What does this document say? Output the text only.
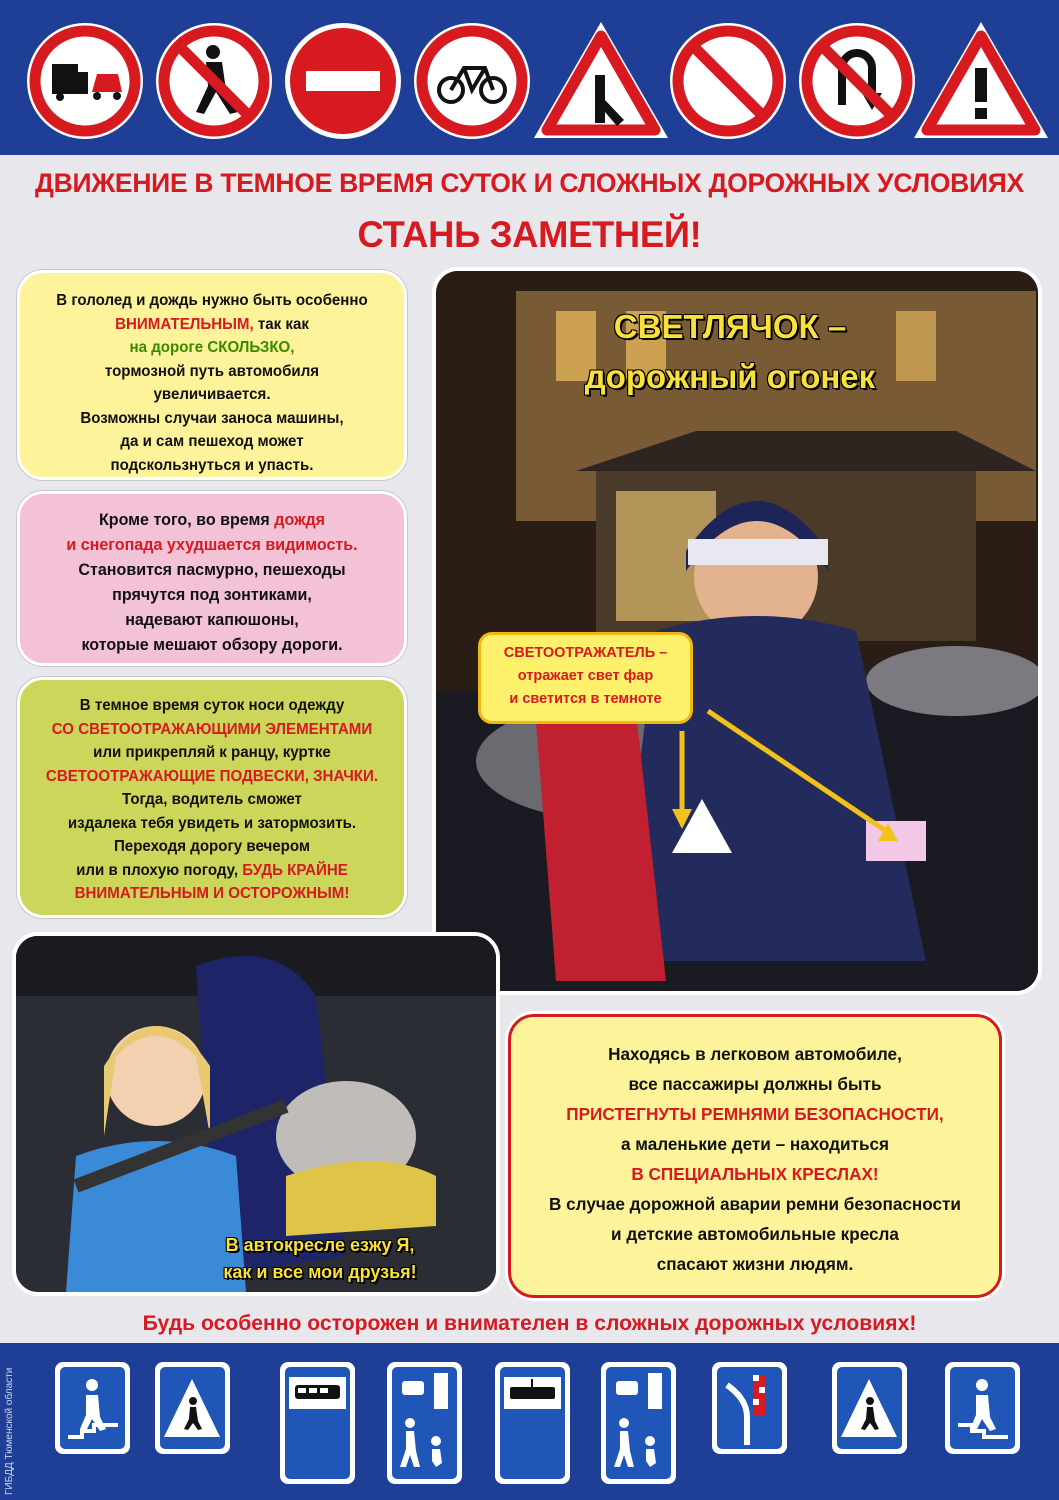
ДВИЖЕНИЕ В ТЕМНОЕ ВРЕМЯ СУТОК И СЛОЖНЫХ ДОРОЖНЫХ УСЛОВИЯХ
СТАНЬ ЗАМЕТНЕЙ!
В гололед и дождь нужно быть особенно
ВНИМАТЕЛЬНЫМ, так как
на дороге СКОЛЬЗКО,
тормозной путь автомобиля
увеличивается.
Возможны случаи заноса машины,
да и сам пешеход может
подскользнуться и упасть.
Кроме того, во время дождя
и снегопада ухудшается видимость.
Становится пасмурно, пешеходы
прячутся под зонтиками,
надевают капюшоны,
которые мешают обзору дороги.
В темное время суток носи одежду
СО СВЕТООТРАЖАЮЩИМИ ЭЛЕМЕНТАМИ
или прикрепляй к ранцу, куртке
СВЕТООТРАЖАЮЩИЕ ПОДВЕСКИ, ЗНАЧКИ.
Тогда, водитель сможет
издалека тебя увидеть и затормозить.
Переходя дорогу вечером
или в плохую погоду, БУДЬ КРАЙНЕ
ВНИМАТЕЛЬНЫМ И ОСТОРОЖНЫМ!
СВЕТЛЯЧОК –
дорожный огонек
СВЕТООТРАЖАТЕЛЬ –
отражает свет фар
и светится в темноте
В автокресле езжу Я,
как и все мои друзья!
Находясь в легковом автомобиле,
все пассажиры должны быть
ПРИСТЕГНУТЫ РЕМНЯМИ БЕЗОПАСНОСТИ,
а маленькие дети – находиться
В СПЕЦИАЛЬНЫХ КРЕСЛАХ!
В случае дорожной аварии ремни безопасности
и детские автомобильные кресла
спасают жизни людям.
Будь особенно осторожен и внимателен в сложных дорожных условиях!
ГИБДД Тюменской области
